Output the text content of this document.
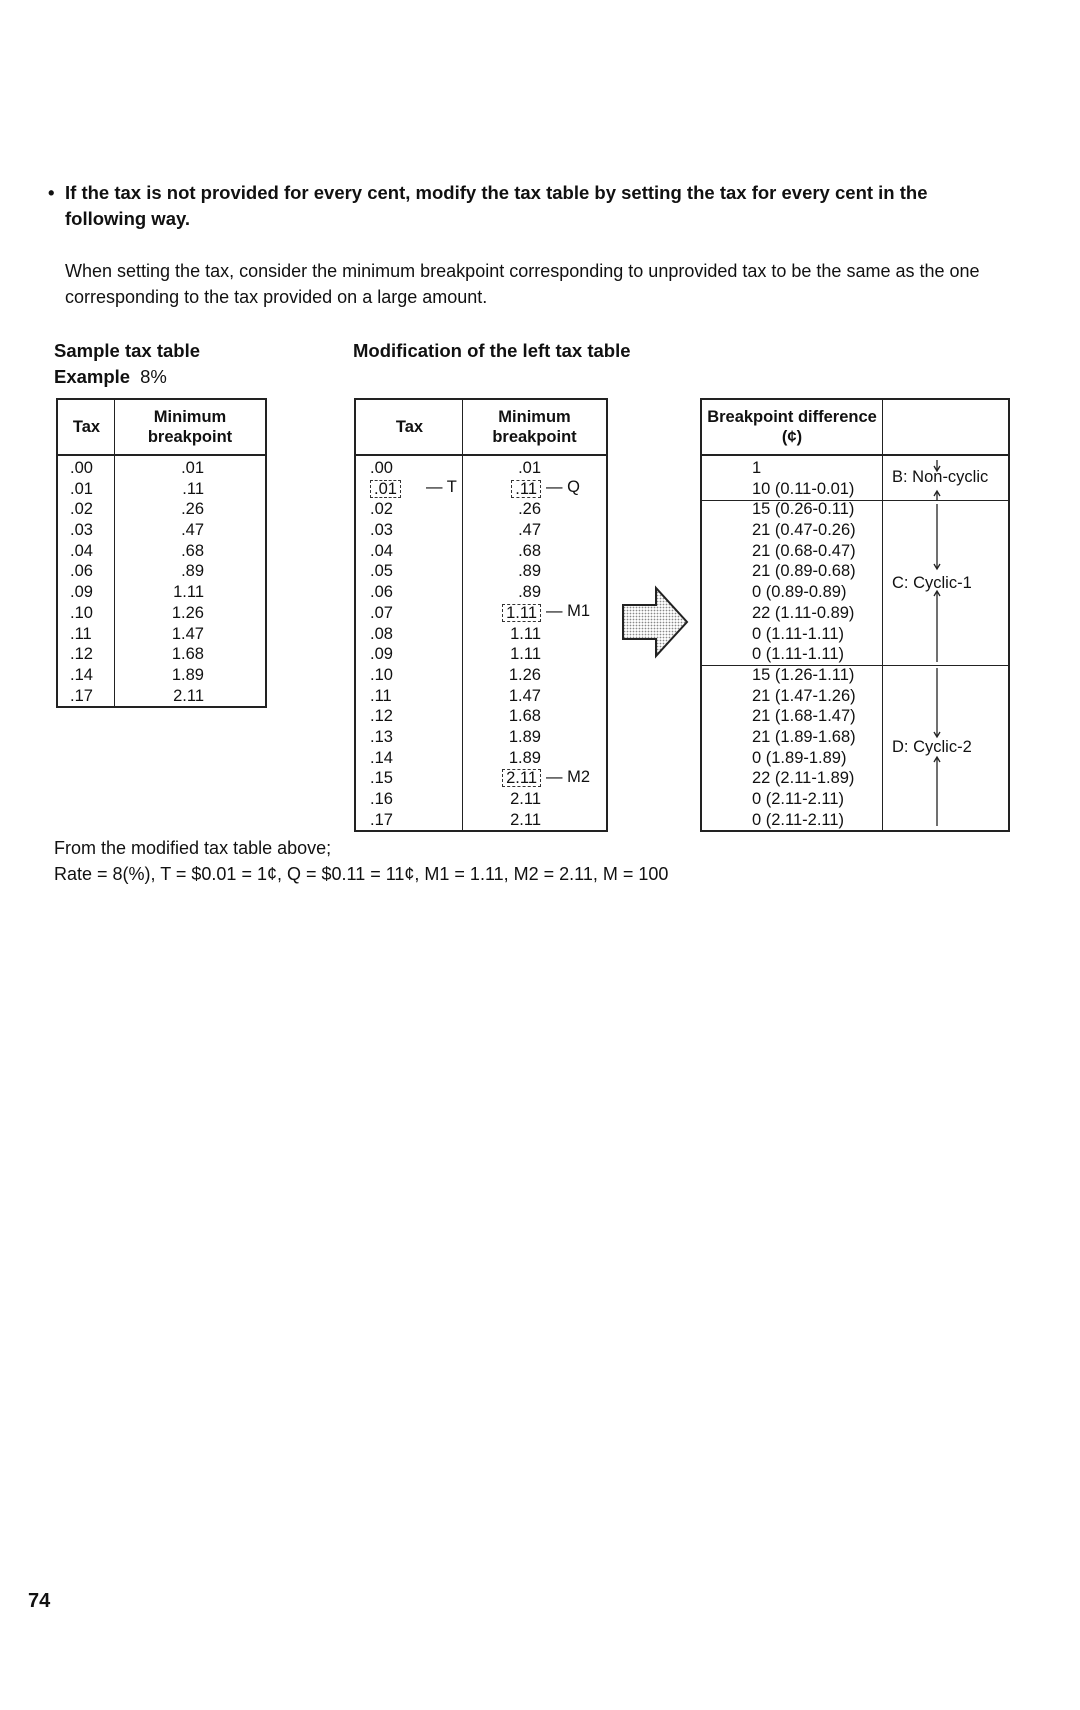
• If the tax is not provided for every cent, modify the tax table by setting the tax for every cent in the following way.
When setting the tax, consider the minimum breakpoint corresponding to unprovided tax to be the same as the one corresponding to the tax provided on a large amount.
Sample tax table
Example 8%
Modification of the left tax table
Tax
Minimum breakpoint
.00
.01
.02
.03
.04
.06
.09
.10
.11
.12
.14
.17
.01
.11
.26
.47
.68
.89
1.11
1.26
1.47
1.68
1.89
2.11
Tax
Minimum breakpoint
.00
.01
.02
.03
.04
.05
.06
.07
.08
.09
.10
.11
.12
.13
.14
.15
.16
.17
.01
.11
.26
.47
.68
.89
.89
1.11
1.11
1.11
1.26
1.47
1.68
1.89
1.89
2.11
2.11
2.11
— T	— Q
— M1
— M2
Breakpoint difference (¢)
1
10 (0.11-0.01)
15 (0.26-0.11)
21 (0.47-0.26)
21 (0.68-0.47)
21 (0.89-0.68)
0 (0.89-0.89)
22 (1.11-0.89)
0 (1.11-1.11)
0 (1.11-1.11)
15 (1.26-1.11)
21 (1.47-1.26)
21 (1.68-1.47)
21 (1.89-1.68)
0 (1.89-1.89)
22 (2.11-1.89)
0 (2.11-2.11)
0 (2.11-2.11)
B: Non-cyclic
C: Cyclic-1
D: Cyclic-2
From the modified tax table above;
Rate = 8(%), T = $0.01 = 1¢, Q = $0.11 = 11¢, M1 = 1.11, M2 = 2.11, M = 100
74
